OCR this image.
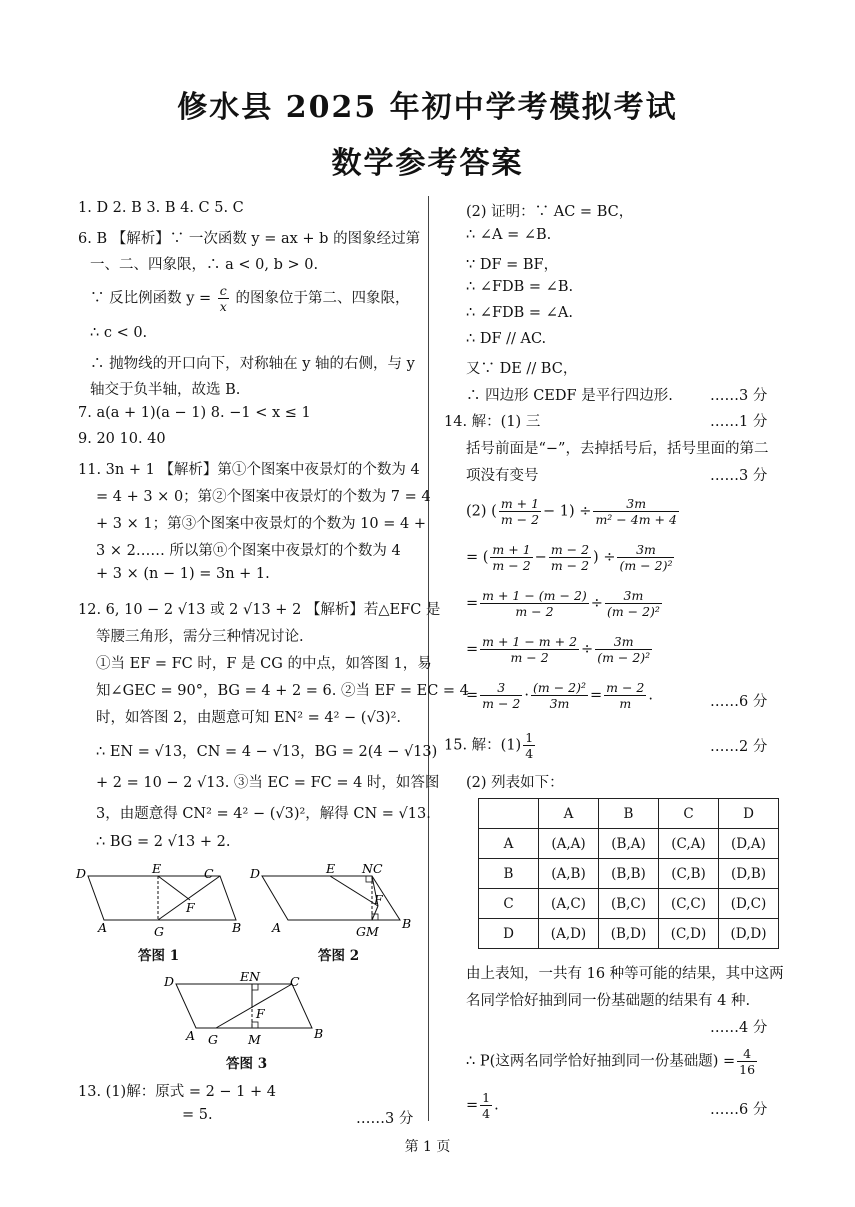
修水县 2025 年初中学考模拟考试
数学参考答案
1. D 2. B 3. B 4. C 5. C
6. B 【解析】∵ 一次函数 y = ax + b 的图象经过第
一、二、四象限，∴ a < 0, b > 0.
∵ 反比例函数 $y = \frac{c}{x}$ 的图象位于第二、四象限，
∴ c < 0.
∴ 抛物线的开口向下，对称轴在 y 轴的右侧，与 y
轴交于负半轴，故选 B.
7. a(a + 1)(a − 1) 8. −1 < x ≤ 1
9. 20 10. 40
11. 3n + 1 【解析】第①个图案中夜景灯的个数为 4
= 4 + 3 × 0；第②个图案中夜景灯的个数为 7 = 4
+ 3 × 1；第③个图案中夜景灯的个数为 10 = 4 +
3 × 2…… 所以第ⓝ个图案中夜景灯的个数为 4
+ 3 × (n − 1) = 3n + 1.
12. 6, 10 − 2 √13 或 2 √13 + 2 【解析】若△EFC 是
等腰三角形，需分三种情况讨论.
①当 EF = FC 时，F 是 CG 的中点，如答图 1，易
知∠GEC = 90°，BG = 4 + 2 = 6. ②当 EF = EC = 4
时，如答图 2，由题意可知 EN² = 4² − (√3)².
∴ EN = √13，CN = 4 − √13，BG = 2(4 − √13)
+ 2 = 10 − 2 √13. ③当 EC = FC = 4 时，如答图
3，由题意得 CN² = 4² − (√3)²，解得 CN = √13.
∴ BG = 2 √13 + 2.
13. (1)解：原式 = 2 − 1 + 4
= 5.	……3 分
D	E	C
F
A	G	B
答图 1
D	E NC
F
A	GM
B
答图 2
D	EN C
F
A G M	B
答图 3
(2) 证明：∵ AC = BC，
∴ ∠A = ∠B.
∵ DF = BF，
∴ ∠FDB = ∠B.
∴ ∠FDB = ∠A.
∴ DF // AC.
又∵ DE // BC，
∴ 四边形 CEDF 是平行四边形.	……3 分
14. 解：(1) 三	……1 分
括号前面是“−”，去掉括号后，括号里面的第二
项没有变号	……3 分
(2) ( $\frac{m + 1}{m - 2} - 1) \div \frac{3m}{\text{m² − 4m + 4}}$
= ( $\frac{m + 1}{m - 2} - \frac{m - 2}{m - 2}$ ) ÷ $\frac{3m}{\text{(m − 2)²}}$
= $\frac{m + 1 - (m - 2)}{m - 2} \div \frac{3m}{\text{(m − 2)²}}$
= $\frac{m + 1 - m + 2}{m - 2} \div \frac{3m}{\text{(m − 2)²}}$
= $\frac{3}{m - 2} \cdot \frac{\text{(m − 2)²}}{3m} = \frac{m - 2}{m}$ .	……6 分
15. 解：$(1) \frac{1}{4}$	……2 分
(2) 列表如下：
	A	B	C	D
A	(A,A)	(B,A)	(C,A)	(D,A)
B	(A,B)	(B,B)	(C,B)	(D,B)
C	(A,C)	(B,C)	(C,C)	(D,C)
D	(A,D)	(B,D)	(C,D)	(D,D)
由上表知，一共有 16 种等可能的结果，其中这两
名同学恰好抽到同一份基础题的结果有 4 种.
……4 分
∴ P(这两名同学恰好抽到同一份基础题) = $\frac{4}{16}$
= $\frac{1}{4}$ .	……6 分
第 1 页
